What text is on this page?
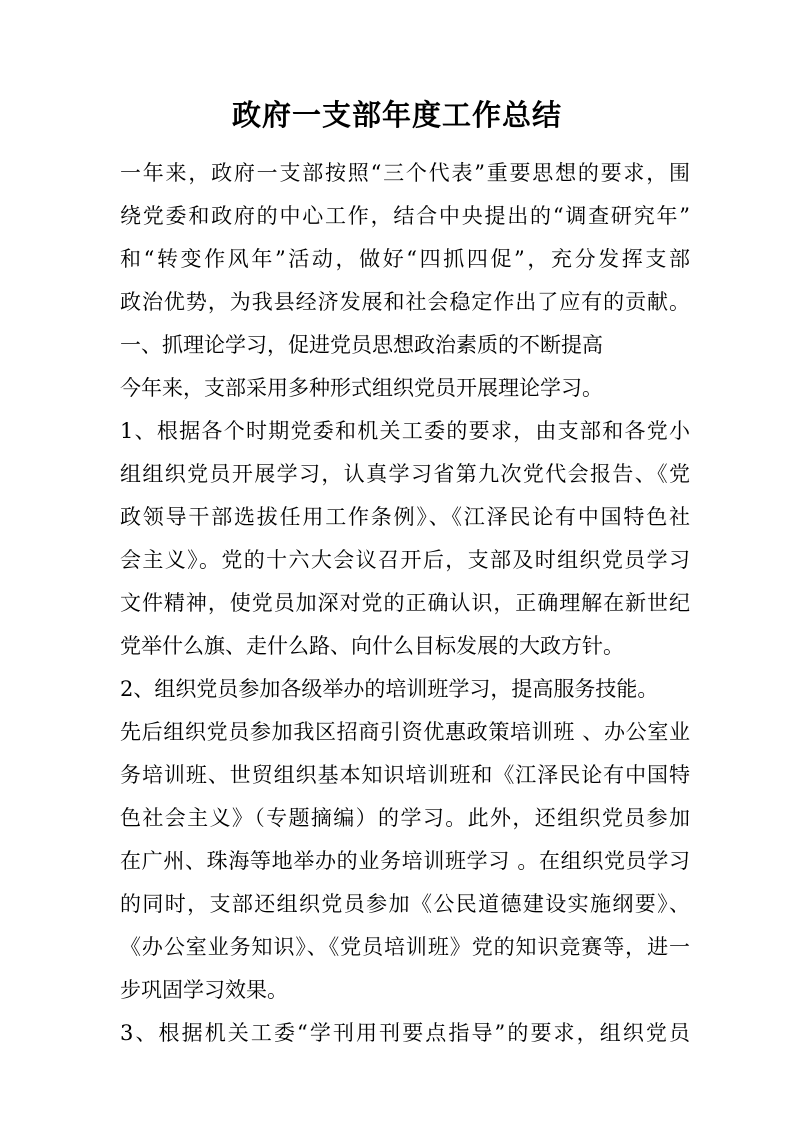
政府一支部年度工作总结
一年来，政府一支部按照“三个代表”重要思想的要求，围
绕党委和政府的中心工作，结合中央提出的“调查研究年”
和“转变作风年”活动，做好“四抓四促”，充分发挥支部
政治优势，为我县经济发展和社会稳定作出了应有的贡献。
一、抓理论学习，促进党员思想政治素质的不断提高
今年来，支部采用多种形式组织党员开展理论学习。
1、根据各个时期党委和机关工委的要求，由支部和各党小
组组织党员开展学习，认真学习省第九次党代会报告、《党
政领导干部选拔任用工作条例》、《江泽民论有中国特色社
会主义》。党的十六大会议召开后，支部及时组织党员学习
文件精神，使党员加深对党的正确认识，正确理解在新世纪
党举什么旗、走什么路、向什么目标发展的大政方针。
2、组织党员参加各级举办的培训班学习，提高服务技能。
先后组织党员参加我区招商引资优惠政策培训班 、办公室业
务培训班、世贸组织基本知识培训班和《江泽民论有中国特
色社会主义》（专题摘编）的学习。此外，还组织党员参加
在广州、珠海等地举办的业务培训班学习 。在组织党员学习
的同时，支部还组织党员参加《公民道德建设实施纲要》、
《办公室业务知识》、《党员培训班》党的知识竞赛等，进一
步巩固学习效果。
3、根据机关工委“学刊用刊要点指导”的要求，组织党员
